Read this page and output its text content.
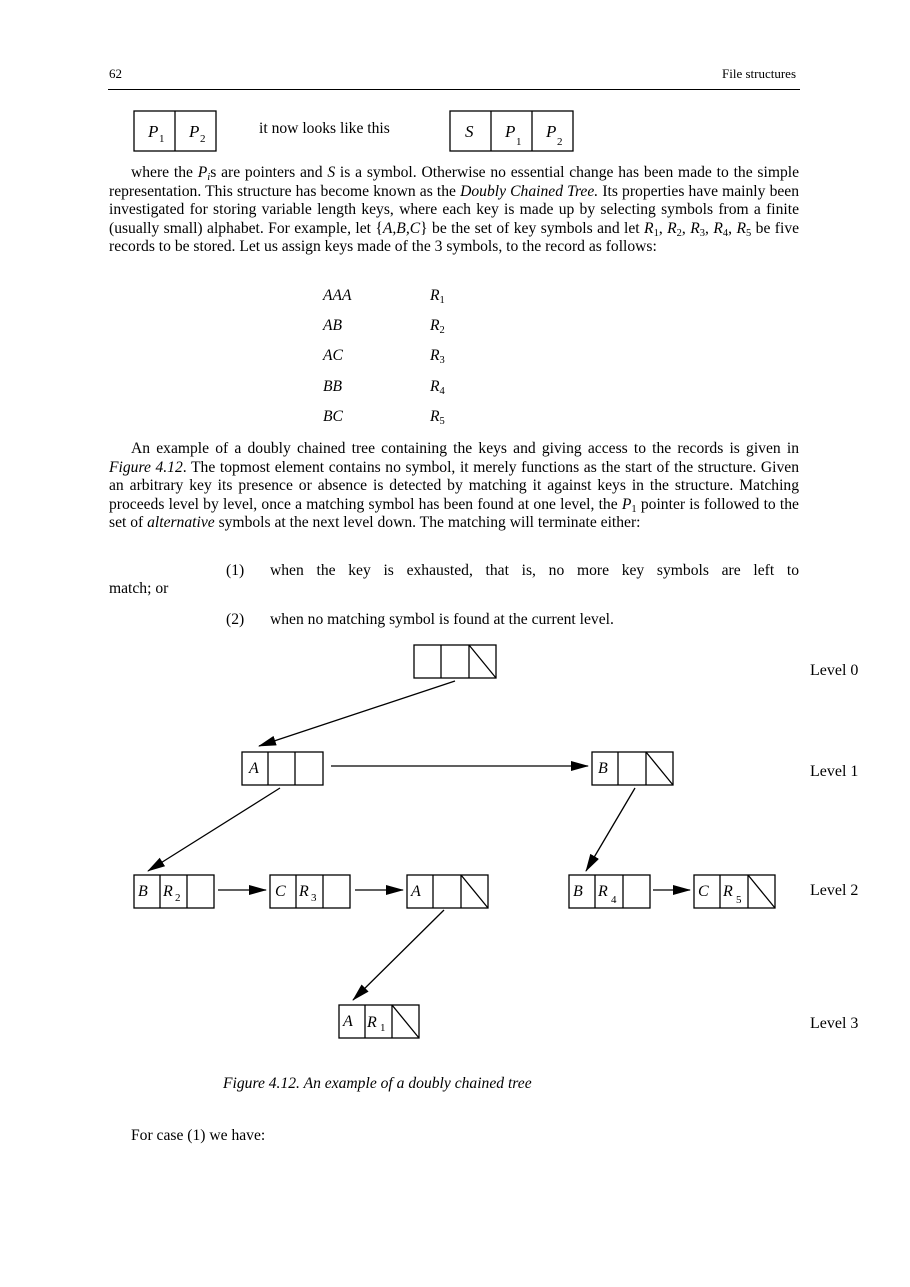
62	File structures
P 1 P 2
it now looks like this	S P
1
P
2
where the $P_is$ are pointers and S is a symbol. Otherwise no essential change has been made to the simple representation. This structure has become known as the Doubly Chained Tree. Its properties have mainly been investigated for storing variable length keys, where each key is made up by selecting symbols from a finite (usually small) alphabet. For example, let {A,B,C} be the set of key symbols and let $R_1$, $R_2$, $R_3$, $R_4$, $R_5$ be five records to be stored. Let us assign keys made of the 3 symbols, to the record as follows:
AAA	$R_1$
AB	$R_2$
AC	$R_3$
BB	$R_4$
BC	$R_5$
An example of a doubly chained tree containing the keys and giving access to the records is given in Figure 4.12. The topmost element contains no symbol, it merely functions as the start of the structure. Given an arbitrary key its presence or absence is detected by matching it against keys in the structure. Matching proceeds level by level, once a matching symbol has been found at one level, the $P_1$ pointer is followed to the set of alternative symbols at the next level down. The matching will terminate either:
(1) when the key is exhausted, that is, no more key symbols are left to
match; or
(2) when no matching symbol is found at the current level.
Level 0
Level 1
Level 2
Level 3
A	B
B R 2	C R 3	A	B R 4	C R 5
A R 1
Figure 4.12. An example of a doubly chained tree
For case (1) we have:
